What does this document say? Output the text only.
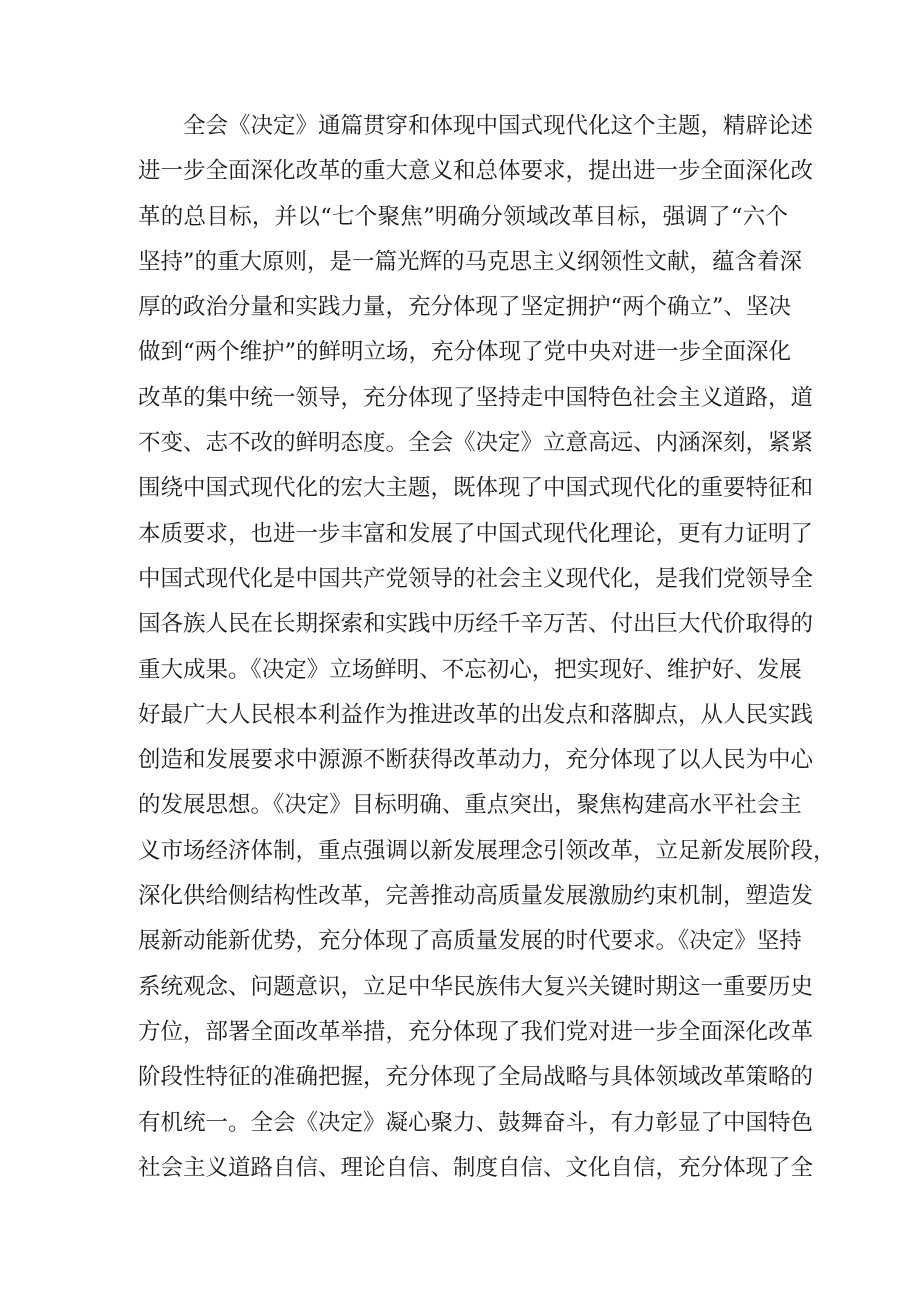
全会《决定》通篇贯穿和体现中国式现代化这个主题，精辟论述
进一步全面深化改革的重大意义和总体要求，提出进一步全面深化改
革的总目标，并以“七个聚焦”明确分领域改革目标，强调了“六个
坚持”的重大原则，是一篇光辉的马克思主义纲领性文献，蕴含着深
厚的政治分量和实践力量，充分体现了坚定拥护“两个确立”、坚决
做到“两个维护”的鲜明立场，充分体现了党中央对进一步全面深化
改革的集中统一领导，充分体现了坚持走中国特色社会主义道路，道
不变、志不改的鲜明态度。全会《决定》立意高远、内涵深刻，紧紧
围绕中国式现代化的宏大主题，既体现了中国式现代化的重要特征和
本质要求，也进一步丰富和发展了中国式现代化理论，更有力证明了
中国式现代化是中国共产党领导的社会主义现代化，是我们党领导全
国各族人民在长期探索和实践中历经千辛万苦、付出巨大代价取得的
重大成果。《决定》立场鲜明、不忘初心，把实现好、维护好、发展
好最广大人民根本利益作为推进改革的出发点和落脚点，从人民实践
创造和发展要求中源源不断获得改革动力，充分体现了以人民为中心
的发展思想。《决定》目标明确、重点突出，聚焦构建高水平社会主
义市场经济体制，重点强调以新发展理念引领改革，立足新发展阶段，
深化供给侧结构性改革，完善推动高质量发展激励约束机制，塑造发
展新动能新优势，充分体现了高质量发展的时代要求。《决定》坚持
系统观念、问题意识，立足中华民族伟大复兴关键时期这一重要历史
方位，部署全面改革举措，充分体现了我们党对进一步全面深化改革
阶段性特征的准确把握，充分体现了全局战略与具体领域改革策略的
有机统一。全会《决定》凝心聚力、鼓舞奋斗，有力彰显了中国特色
社会主义道路自信、理论自信、制度自信、文化自信，充分体现了全
